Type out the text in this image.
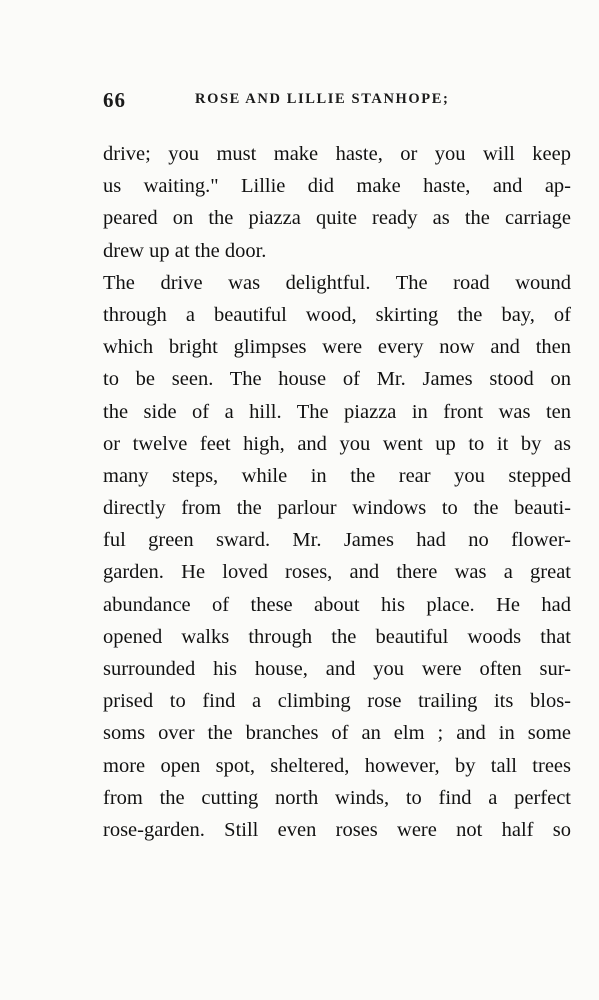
66	ROSE AND LILLIE STANHOPE;
drive; you must make haste, or you will keep
us waiting." Lillie did make haste, and ap-
peared on the piazza quite ready as the carriage
drew up at the door.
The drive was delightful. The road wound
through a beautiful wood, skirting the bay, of
which bright glimpses were every now and then
to be seen. The house of Mr. James stood on
the side of a hill. The piazza in front was ten
or twelve feet high, and you went up to it by as
many steps, while in the rear you stepped
directly from the parlour windows to the beauti-
ful green sward. Mr. James had no flower-
garden. He loved roses, and there was a great
abundance of these about his place. He had
opened walks through the beautiful woods that
surrounded his house, and you were often sur-
prised to find a climbing rose trailing its blos-
soms over the branches of an elm ; and in some
more open spot, sheltered, however, by tall trees
from the cutting north winds, to find a perfect
rose-garden. Still even roses were not half so
